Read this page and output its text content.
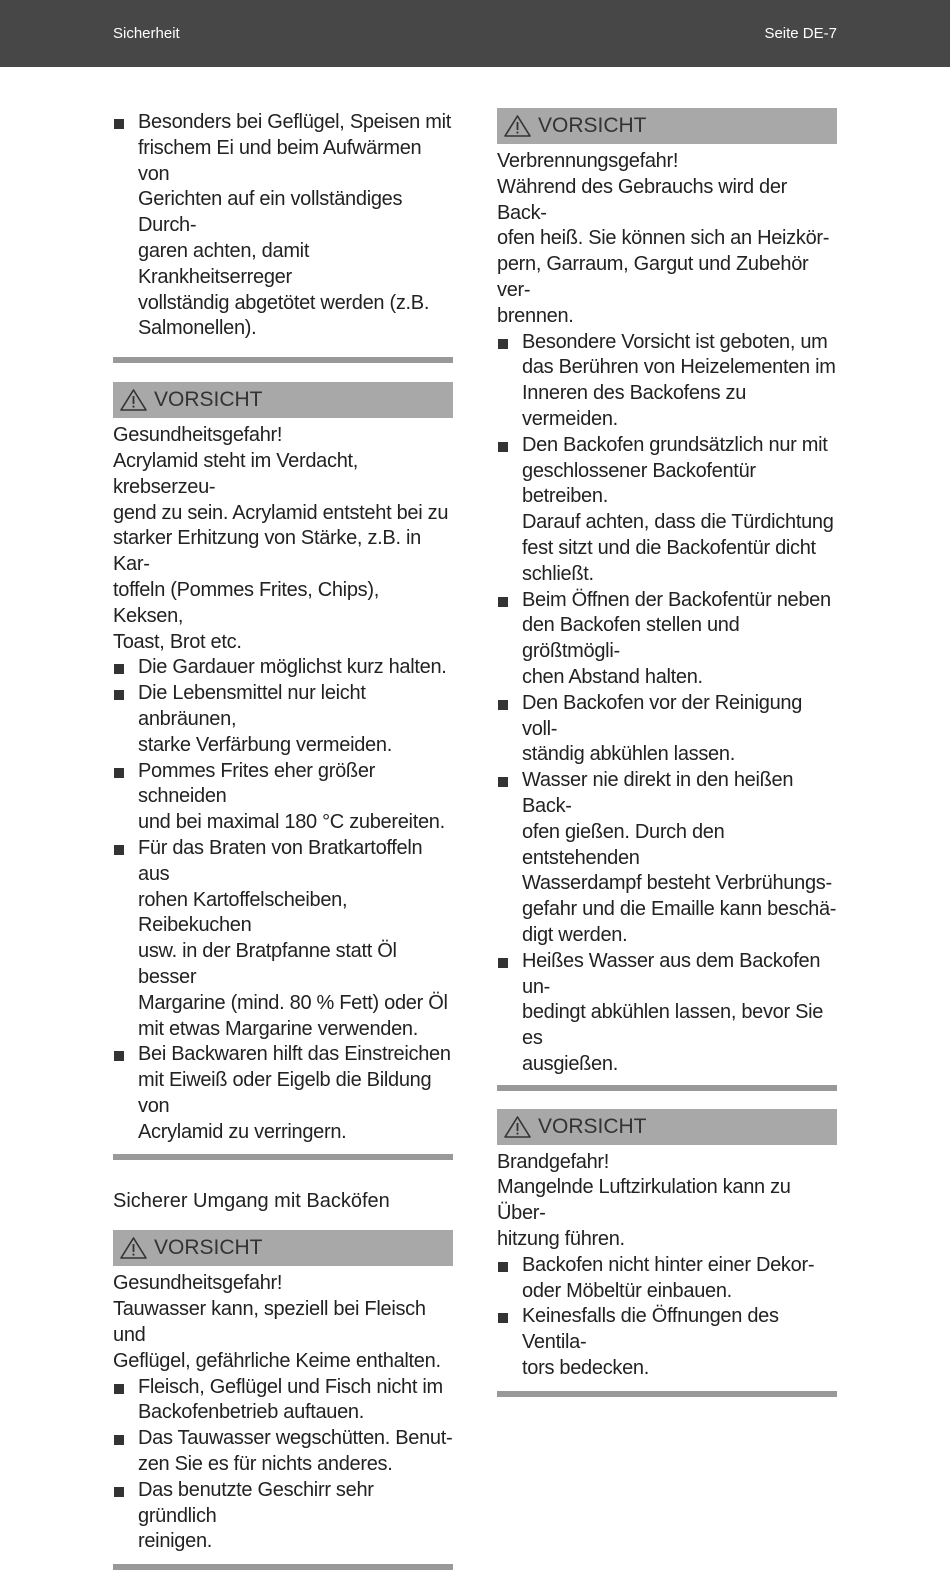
Sicherheit	Seite DE-7
Besonders bei Geflügel, Speisen mit
frischem Ei und beim Aufwärmen von
Gerichten auf ein vollständiges Durch-
garen achten, damit Krankheitserreger
vollständig abgetötet werden (z.B.
Salmonellen).
VORSICHT

Gesundheitsgefahr!

Acrylamid steht im Verdacht, krebserzeu-
gend zu sein. Acrylamid entsteht bei zu
starker Erhitzung von Stärke, z.B. in Kar-
toffeln (Pommes Frites, Chips), Keksen,
Toast, Brot etc.

Die Gardauer möglichst kurz halten.
Die Lebensmittel nur leicht anbräunen,
starke Verfärbung vermeiden.
Pommes Frites eher größer schneiden
und bei maximal 180 °C zubereiten.
Für das Braten von Bratkartoffeln aus
rohen Kartoffelscheiben, Reibekuchen
usw. in der Bratpfanne statt Öl besser
Margarine (mind. 80 % Fett) oder Öl
mit etwas Margarine verwenden.
Bei Backwaren hilft das Einstreichen
mit Eiweiß oder Eigelb die Bildung von
Acrylamid zu verringern.

Sicherer Umgang mit Backöfen

VORSICHT

Gesundheitsgefahr!

Tauwasser kann, speziell bei Fleisch und
Geflügel, gefährliche Keime enthalten.

Fleisch, Geflügel und Fisch nicht im
Backofenbetrieb auftauen.
Das Tauwasser wegschütten. Benut-
zen Sie es für nichts anderes.
Das benutzte Geschirr sehr gründlich
reinigen.
VORSICHT

Verbrennungsgefahr!

Während des Gebrauchs wird der Back-
ofen heiß. Sie können sich an Heizkör-
pern, Garraum, Gargut und Zubehör ver-
brennen.

Besondere Vorsicht ist geboten, um
das Berühren von Heizelementen im
Inneren des Backofens zu vermeiden.
Den Backofen grundsätzlich nur mit
geschlossener Backofentür betreiben.
Darauf achten, dass die Türdichtung
fest sitzt und die Backofentür dicht
schließt.
Beim Öffnen der Backofentür neben
den Backofen stellen und größtmögli-
chen Abstand halten.
Den Backofen vor der Reinigung voll-
ständig abkühlen lassen.
Wasser nie direkt in den heißen Back-
ofen gießen. Durch den entstehenden
Wasserdampf besteht Verbrühungs-
gefahr und die Emaille kann beschä-
digt werden.
Heißes Wasser aus dem Backofen un-
bedingt abkühlen lassen, bevor Sie es
ausgießen.
VORSICHT

Brandgefahr!

Mangelnde Luftzirkulation kann zu Über-
hitzung führen.

Backofen nicht hinter einer Dekor-
oder Möbeltür einbauen.
Keinesfalls die Öffnungen des Ventila-
tors bedecken.
